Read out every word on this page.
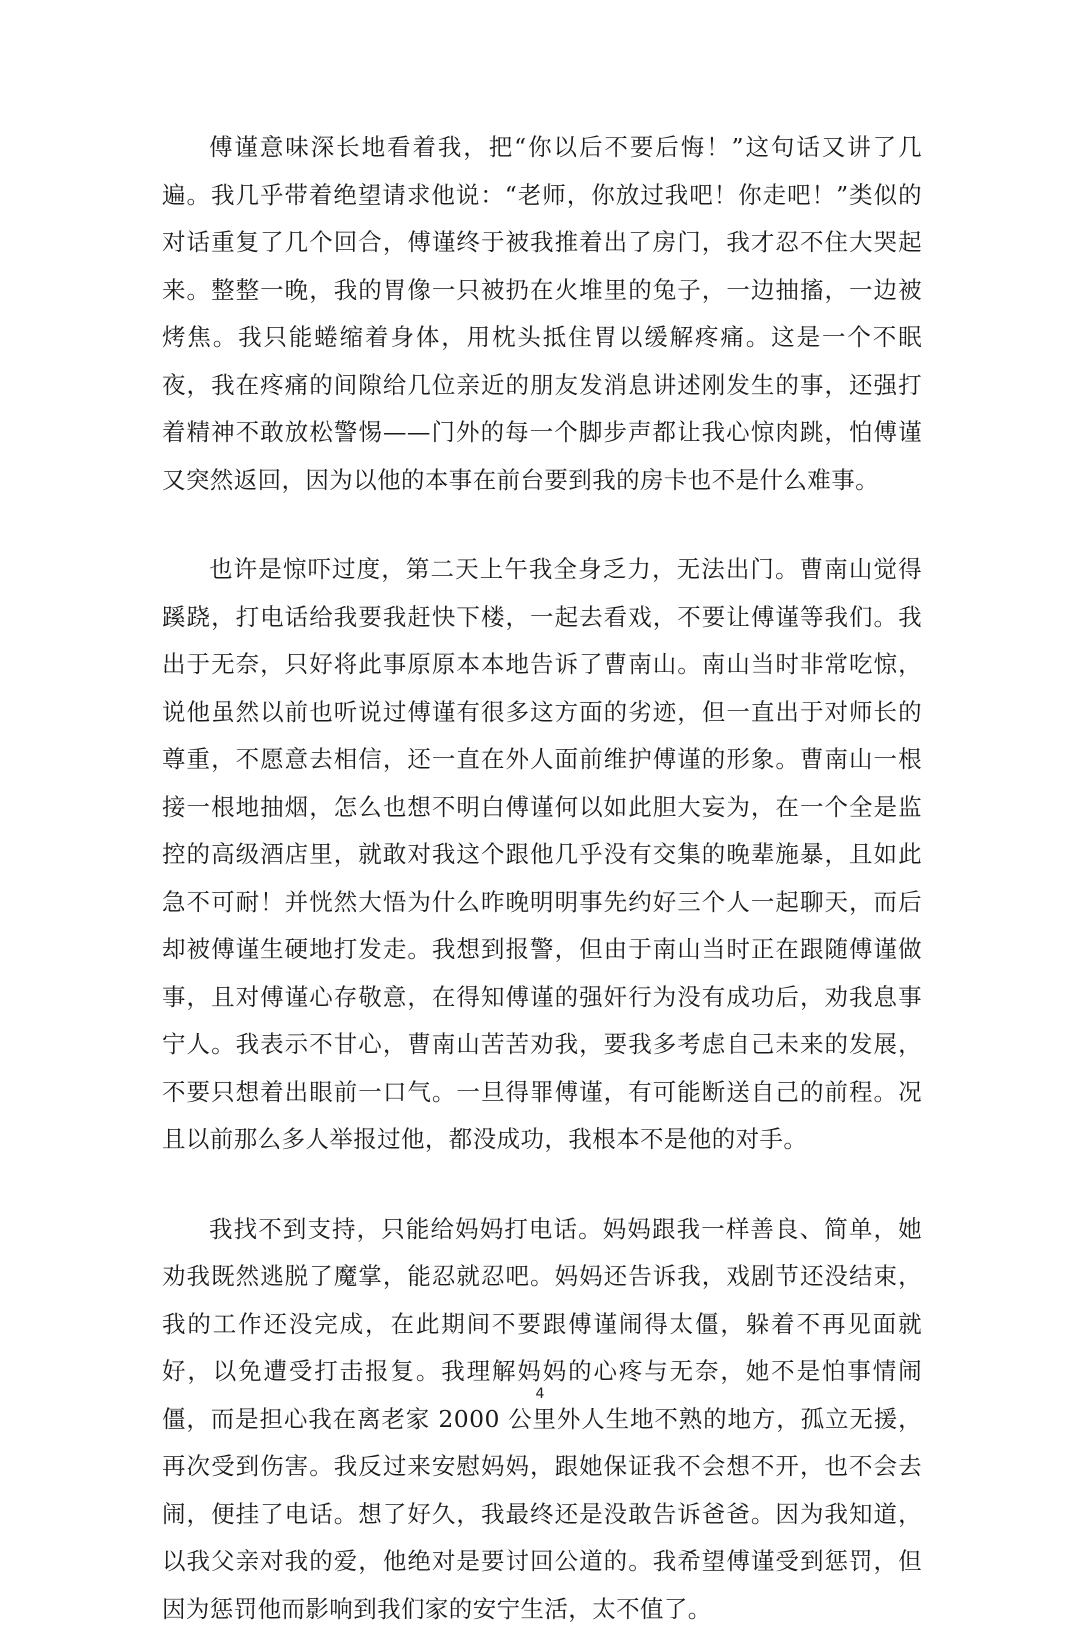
傅谨意味深长地看着我，把“你以后不要后悔！”这句话又讲了几遍。我几乎带着绝望请求他说：“老师，你放过我吧！你走吧！”类似的对话重复了几个回合，傅谨终于被我推着出了房门，我才忍不住大哭起来。整整一晚，我的胃像一只被扔在火堆里的兔子，一边抽搐，一边被烤焦。我只能蜷缩着身体，用枕头抵住胃以缓解疼痛。这是一个不眠夜，我在疼痛的间隙给几位亲近的朋友发消息讲述刚发生的事，还强打着精神不敢放松警惕——门外的每一个脚步声都让我心惊肉跳，怕傅谨又突然返回，因为以他的本事在前台要到我的房卡也不是什么难事。

也许是惊吓过度，第二天上午我全身乏力，无法出门。曹南山觉得蹊跷，打电话给我要我赶快下楼，一起去看戏，不要让傅谨等我们。我出于无奈，只好将此事原原本本地告诉了曹南山。南山当时非常吃惊，说他虽然以前也听说过傅谨有很多这方面的劣迹，但一直出于对师长的尊重，不愿意去相信，还一直在外人面前维护傅谨的形象。曹南山一根接一根地抽烟，怎么也想不明白傅谨何以如此胆大妄为，在一个全是监控的高级酒店里，就敢对我这个跟他几乎没有交集的晚辈施暴，且如此急不可耐！并恍然大悟为什么昨晚明明事先约好三个人一起聊天，而后却被傅谨生硬地打发走。我想到报警，但由于南山当时正在跟随傅谨做事，且对傅谨心存敬意，在得知傅谨的强奸行为没有成功后，劝我息事宁人。我表示不甘心，曹南山苦苦劝我，要我多考虑自己未来的发展，不要只想着出眼前一口气。一旦得罪傅谨，有可能断送自己的前程。况且以前那么多人举报过他，都没成功，我根本不是他的对手。

我找不到支持，只能给妈妈打电话。妈妈跟我一样善良、简单，她劝我既然逃脱了魔掌，能忍就忍吧。妈妈还告诉我，戏剧节还没结束，我的工作还没完成，在此期间不要跟傅谨闹得太僵，躲着不再见面就好，以免遭受打击报复。我理解妈妈的心疼与无奈，她不是怕事情闹僵，而是担心我在离老家 2000 公里外人生地不熟的地方，孤立无援，再次受到伤害。我反过来安慰妈妈，跟她保证我不会想不开，也不会去闹，便挂了电话。想了好久，我最终还是没敢告诉爸爸。因为我知道，以我父亲对我的爱，他绝对是要讨回公道的。我希望傅谨受到惩罚，但因为惩罚他而影响到我们家的安宁生活，太不值了。

4
